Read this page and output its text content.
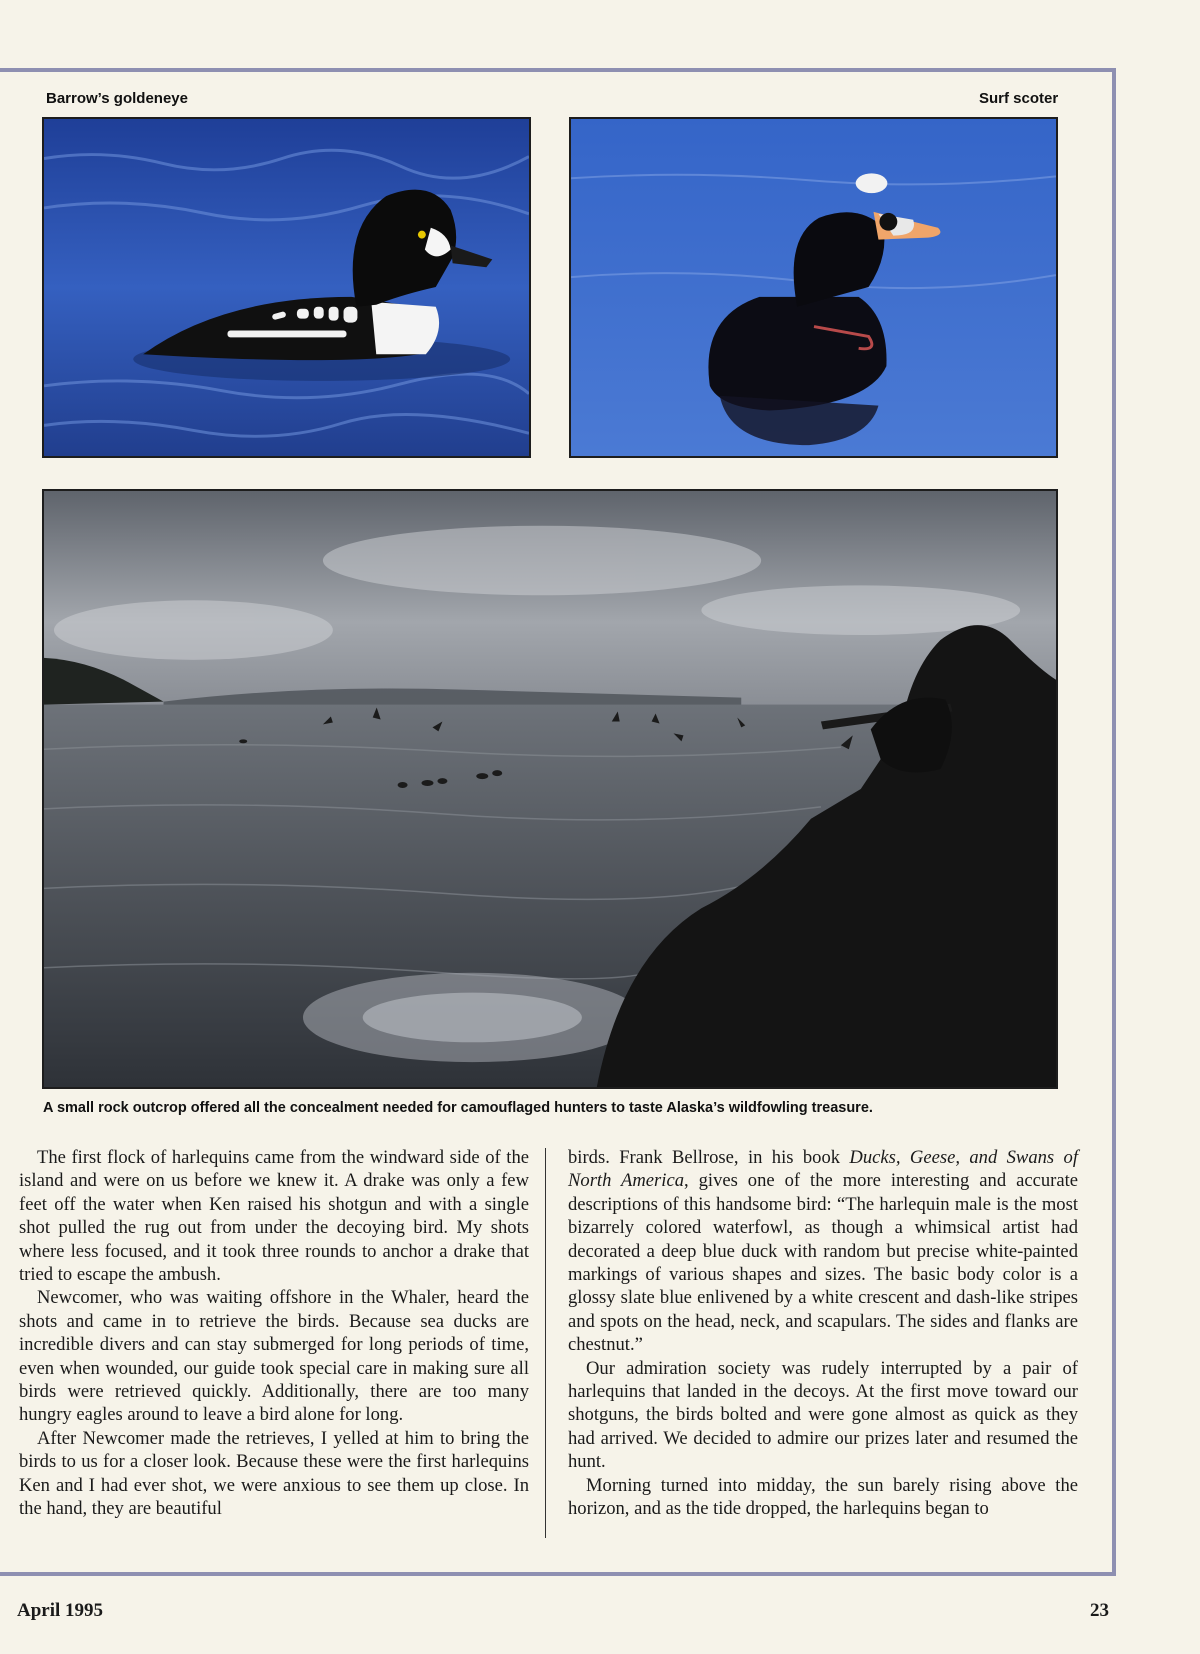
Barrow’s goldeneye	Surf scoter
A small rock outcrop offered all the concealment needed for camouflaged hunters to taste Alaska’s wildfowling treasure.

The first flock of harlequins came from the windward side of the island and were on us before we knew it. A drake was only a few feet off the water when Ken raised his shotgun and with a single shot pulled the rug out from under the decoying bird. My shots where less focused, and it took three rounds to anchor a drake that tried to escape the ambush.

Newcomer, who was waiting offshore in the Whaler, heard the shots and came in to retrieve the birds. Because sea ducks are incredible divers and can stay submerged for long periods of time, even when wounded, our guide took special care in making sure all birds were retrieved quickly. Additionally, there are too many hungry eagles around to leave a bird alone for long.

After Newcomer made the retrieves, I yelled at him to bring the birds to us for a closer look. Because these were the first harlequins Ken and I had ever shot, we were anxious to see them up close. In the hand, they are beautiful

birds. Frank Bellrose, in his book Ducks, Geese, and Swans of North America, gives one of the more interesting and accurate descriptions of this handsome bird: “The harlequin male is the most bizarrely colored waterfowl, as though a whimsical artist had decorated a deep blue duck with random but precise white-painted markings of various shapes and sizes. The basic body color is a glossy slate blue enlivened by a white crescent and dash-like stripes and spots on the head, neck, and scapulars. The sides and flanks are chestnut.”

Our admiration society was rudely interrupted by a pair of harlequins that landed in the decoys. At the first move toward our shotguns, the birds bolted and were gone almost as quick as they had arrived. We decided to admire our prizes later and resumed the hunt.

Morning turned into midday, the sun barely rising above the horizon, and as the tide dropped, the harlequins began to

April 1995	23
